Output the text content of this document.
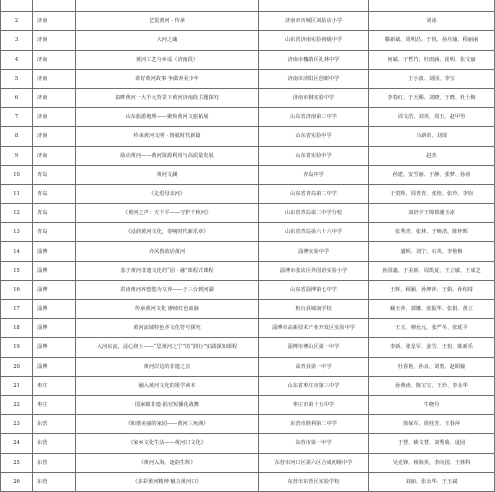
2	济南	艺览黄河 · 传承	济南市历城区刘姑店小学	刘冰
3	济南	大河之魂	山东省济南实验初级中学	滕新斌、周明昌、于悦、孙丹瑜、程丽丽
4	济南	黄河工艺与乡谣（济南段）	济南市槐荫区礼林中学	何斌、于哲竹、杜雨涵、崔明、张文丽
5	济南	讲好黄河故事 争做养美少年	济南市济阳区创新中学	王小波、刘园、李宝
6	济南	泉畔黄河一大半元背景下黄河济南段主题探究	济南市钢实验中学	李春红、于天赐、刘晓、于晓、杜士梅
7	济南	山东旅游地理——聚焦黄河文旅拓展	山东省济南第三中学	周文浩、刘英、周玉、赵甲男
8	济南	传承黄河文明 · 铸就时代新篇	山东省实验中学	马新帝、刘琦
9	济南	励动黄河——黄河资源利用与高质量发展	山东省实验中学	赵杰
10	青岛	黄河文澜	青岛中学	孙建、安雪丽、于静、张梦、孙涛
11	青岛	《走进母亲河》	山东省青岛第二中学	于贺辉、周青青、张艳、张玲、李钧
12	青岛	《黄河之声：天下平——守护千秋河》	山东省青岛第二中学分校	刘培宇王锦禧潘玉冰
13	青岛	《浸润黄河文化，奏响时代新乐章》	山东省青岛第六十六中学	张秀青、张林、于焕清、陈梓晖
14	淄博	齐风鲁韵话黄河	淄博实验中学	盛辉、刘宁、石英、李艳梅
15	淄博	基于黄河非遗文化的“园 · 融”课程式课程	淄博市张店区外国语实验小学	孙国鑫、于美新、周凯夏、王立敏、王成芝
16	淄博	洪涛黄河养悠悠为文养——于三台到河湖	山东省淄博第七中学	王辉、顾颖、孙坤萍、王娟、孙绍琦
17	淄博	传承黄河文化 赓续红色血脉	桓台县城南学校	臧玉萍、郭娜、张振华、张娟、黄立
18	淄博	黄河流域特色齐文化符号探究	淄博市高新技术产业开发区实验中学	王玉、穆允元、张严冬、张延平
19	淄博	入河东流，浸心润土——“思黄河之宁”的“润行”实践探知课程	淄博市博山区第一中学	李新、张星军、姜雪、王恒、陈新乐
20	淄博	黄河岸边的非遗之音	高青县第一中学	杜春艳、孙良、刘勇、赵昭榆
21	枣庄	融入黄河文化的墨学读本	山东省枣庄市第三中学	孙燕涛、陈宝宝、王珍、李永华
22	枣庄	国家级非遗-陆官短播花战舞	枣庄市第十五中学	牛晓丹
23	东营	《和谐美丽的家园——黄河三角洲》	东营市胜利第二中学	徐保军、徐桂芳、王春萍
24	东营	《家乡文化生活——黄河口文化》	东营市第一中学	于慧、姚文慧、刘秀菊、庞园
25	东营	《黄河入海，逐韵生辉》	东营市河口区第六区合成初级中学	吴克锋、杨海英、李向国、王林科
26	东营	《多彩黄河精神 魅力黄河口》	东营市东营区实验学校	刘丽、张永华、王玉斌
